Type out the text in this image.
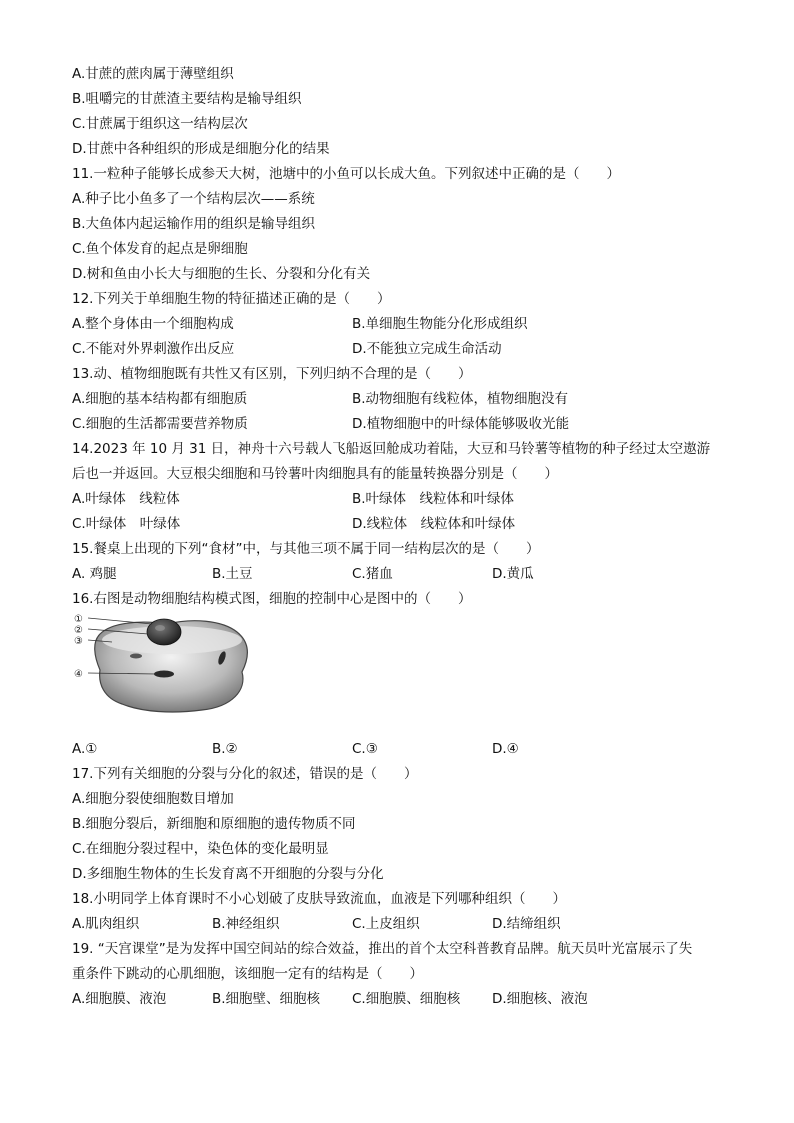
A.甘蔗的蔗肉属于薄壁组织
B.咀嚼完的甘蔗渣主要结构是输导组织
C.甘蔗属于组织这一结构层次
D.甘蔗中各种组织的形成是细胞分化的结果
11.一粒种子能够长成参天大树，池塘中的小鱼可以长成大鱼。下列叙述中正确的是（　　）
A.种子比小鱼多了一个结构层次——系统
B.大鱼体内起运输作用的组织是输导组织
C.鱼个体发育的起点是卵细胞
D.树和鱼由小长大与细胞的生长、分裂和分化有关
12.下列关于单细胞生物的特征描述正确的是（　　）
A.整个身体由一个细胞构成	B.单细胞生物能分化形成组织
C.不能对外界刺激作出反应	D.不能独立完成生命活动
13.动、植物细胞既有共性又有区别，下列归纳不合理的是（　　）
A.细胞的基本结构都有细胞质	B.动物细胞有线粒体，植物细胞没有
C.细胞的生活都需要营养物质	D.植物细胞中的叶绿体能够吸收光能
14.2023 年 10 月 31 日，神舟十六号载人飞船返回舱成功着陆，大豆和马铃薯等植物的种子经过太空遨游
后也一并返回。大豆根尖细胞和马铃薯叶肉细胞具有的能量转换器分别是（　　）
A.叶绿体　线粒体	B.叶绿体　线粒体和叶绿体
C.叶绿体　叶绿体	D.线粒体　线粒体和叶绿体
15.餐桌上出现的下列“食材”中，与其他三项不属于同一结构层次的是（　　）
A. 鸡腿	B.土豆	C.猪血	D.黄瓜
16.右图是动物细胞结构模式图，细胞的控制中心是图中的（　　）
①
②
③
④
A.①	B.②	C.③	D.④
17.下列有关细胞的分裂与分化的叙述，错误的是（　　）
A.细胞分裂使细胞数目增加
B.细胞分裂后，新细胞和原细胞的遗传物质不同
C.在细胞分裂过程中，染色体的变化最明显
D.多细胞生物体的生长发育离不开细胞的分裂与分化
18.小明同学上体育课时不小心划破了皮肤导致流血，血液是下列哪种组织（　　）
A.肌肉组织	B.神经组织	C.上皮组织	D.结缔组织
19. “天宫课堂”是为发挥中国空间站的综合效益，推出的首个太空科普教育品牌。航天员叶光富展示了失
重条件下跳动的心肌细胞，该细胞一定有的结构是（　　）
A.细胞膜、液泡	B.细胞壁、细胞核 C.细胞膜、细胞核 D.细胞核、液泡
